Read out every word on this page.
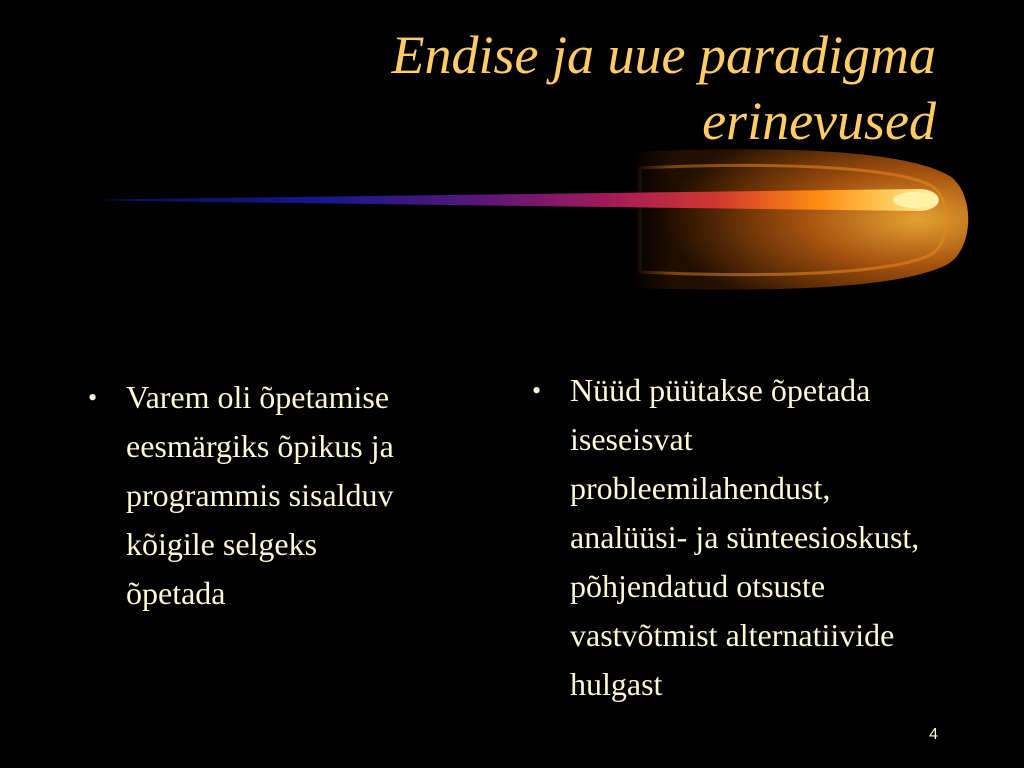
Endise ja uue paradigma
erinevused
• Varem oli õpetamise
eesmärgiks õpikus ja
programmis sisalduv
kõigile selgeks
õpetada
• Nüüd püütakse õpetada
iseseisvat
probleemilahendust,
analüüsi- ja sünteesioskust,
põhjendatud otsuste
vastvõtmist alternatiivide
hulgast
4
